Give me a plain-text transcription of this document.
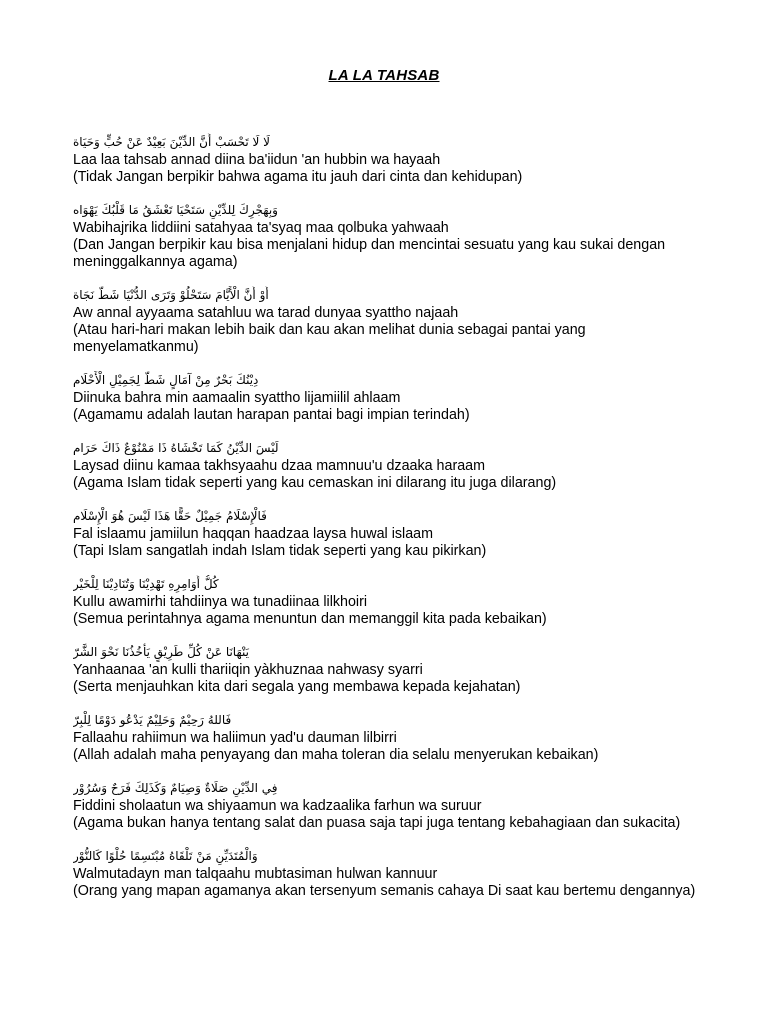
LA LA TAHSAB
لَا لَا تَحْسَبْ أَنَّ الدِّيْنَ بَعِيْدٌ عَنْ حُبٍّ وَحَيَاة
Laa laa tahsab annad diina ba'iidun 'an hubbin wa hayaah
(Tidak Jangan berpikir bahwa agama itu jauh dari cinta dan kehidupan)
وَبِهَجْرِكَ لِلدِّيْنِ سَتَحْيَا تَعْشَقُ مَا قَلْبُكَ يَهْوَاه
Wabihajrika liddiini satahyaa ta'syaq maa qolbuka yahwaah
(Dan Jangan berpikir kau bisa menjalani hidup dan mencintai sesuatu yang kau sukai dengan meninggalkannya agama)
أَوْ أَنَّ الْأَيَّامَ سَتَحْلُوْ وَتَرَى الدُّنْيَا شَطٌّ نَجَاة
Aw annal ayyaama satahluu wa tarad dunyaa syattho najaah
(Atau hari-hari makan lebih baik dan kau akan melihat dunia sebagai pantai yang menyelamatkanmu)
دِيْنُكَ بَحْرٌ مِنْ آمَالٍ شَطٌّ لِجَمِيْلِ الْأَحْلَام
Diinuka bahra min aamaalin syattho lijamiilil ahlaam
(Agamamu adalah lautan harapan pantai bagi impian terindah)
لَيْسَ الدِّيْنُ كَمَا تَخْشَاهُ ذَا مَمْنُوْعٌ ذَاكَ حَرَام
Laysad diinu kamaa takhsyaahu dzaa mamnuu'u dzaaka haraam
(Agama Islam tidak seperti yang kau cemaskan ini dilarang itu juga dilarang)
فَالْإِسْلَامُ جَمِيْلٌ حَقًّا هَذَا لَيْسَ هُوَ الْإِسْلَام
Fal islaamu jamiilun haqqan haadzaa laysa huwal islaam
(Tapi Islam sangatlah indah Islam tidak seperti yang kau pikirkan)
كُلُّ أَوَامِرِهِ تَهْدِيْنَا وَتُنَادِيْنَا لِلْخَيْر
Kullu awamirhi tahdiinya wa tunadiinaa lilkhoiri
(Semua perintahnya agama menuntun dan memanggil kita pada kebaikan)
يَنْهَانَا عَنْ كُلِّ طَرِيْقٍ يَأْخُذُنَا نَحْوَ الشَّرّ
Yanhaanaa 'an kulli thariiqin yàkhuznaa nahwasy syarri
(Serta menjauhkan kita dari segala yang membawa kepada kejahatan)
فَاللهُ رَحِيْمٌ وَحَلِيْمٌ يَدْعُو دَوْمًا لِلْبِرّ
Fallaahu rahiimun wa haliimun yad'u dauman lilbirri
(Allah adalah maha penyayang dan maha toleran dia selalu menyerukan kebaikan)
فِي الدِّيْنِ صَلَاةٌ وَصِيَامٌ وَكَذَلِكَ فَرَحٌ وَسُرُوْر
Fiddini sholaatun wa shiyaamun wa kadzaalika farhun wa suruur
(Agama bukan hanya tentang salat dan puasa saja tapi juga tentang kebahagiaan dan sukacita)
وَالْمُتَدَيِّنِ مَنْ تَلْقَاهُ مُبْتَسِمًا حُلْوًا كَالنُّوْر
Walmutadayn man talqaahu mubtasiman hulwan kannuur
(Orang yang mapan agamanya akan tersenyum semanis cahaya Di saat kau bertemu dengannya)
